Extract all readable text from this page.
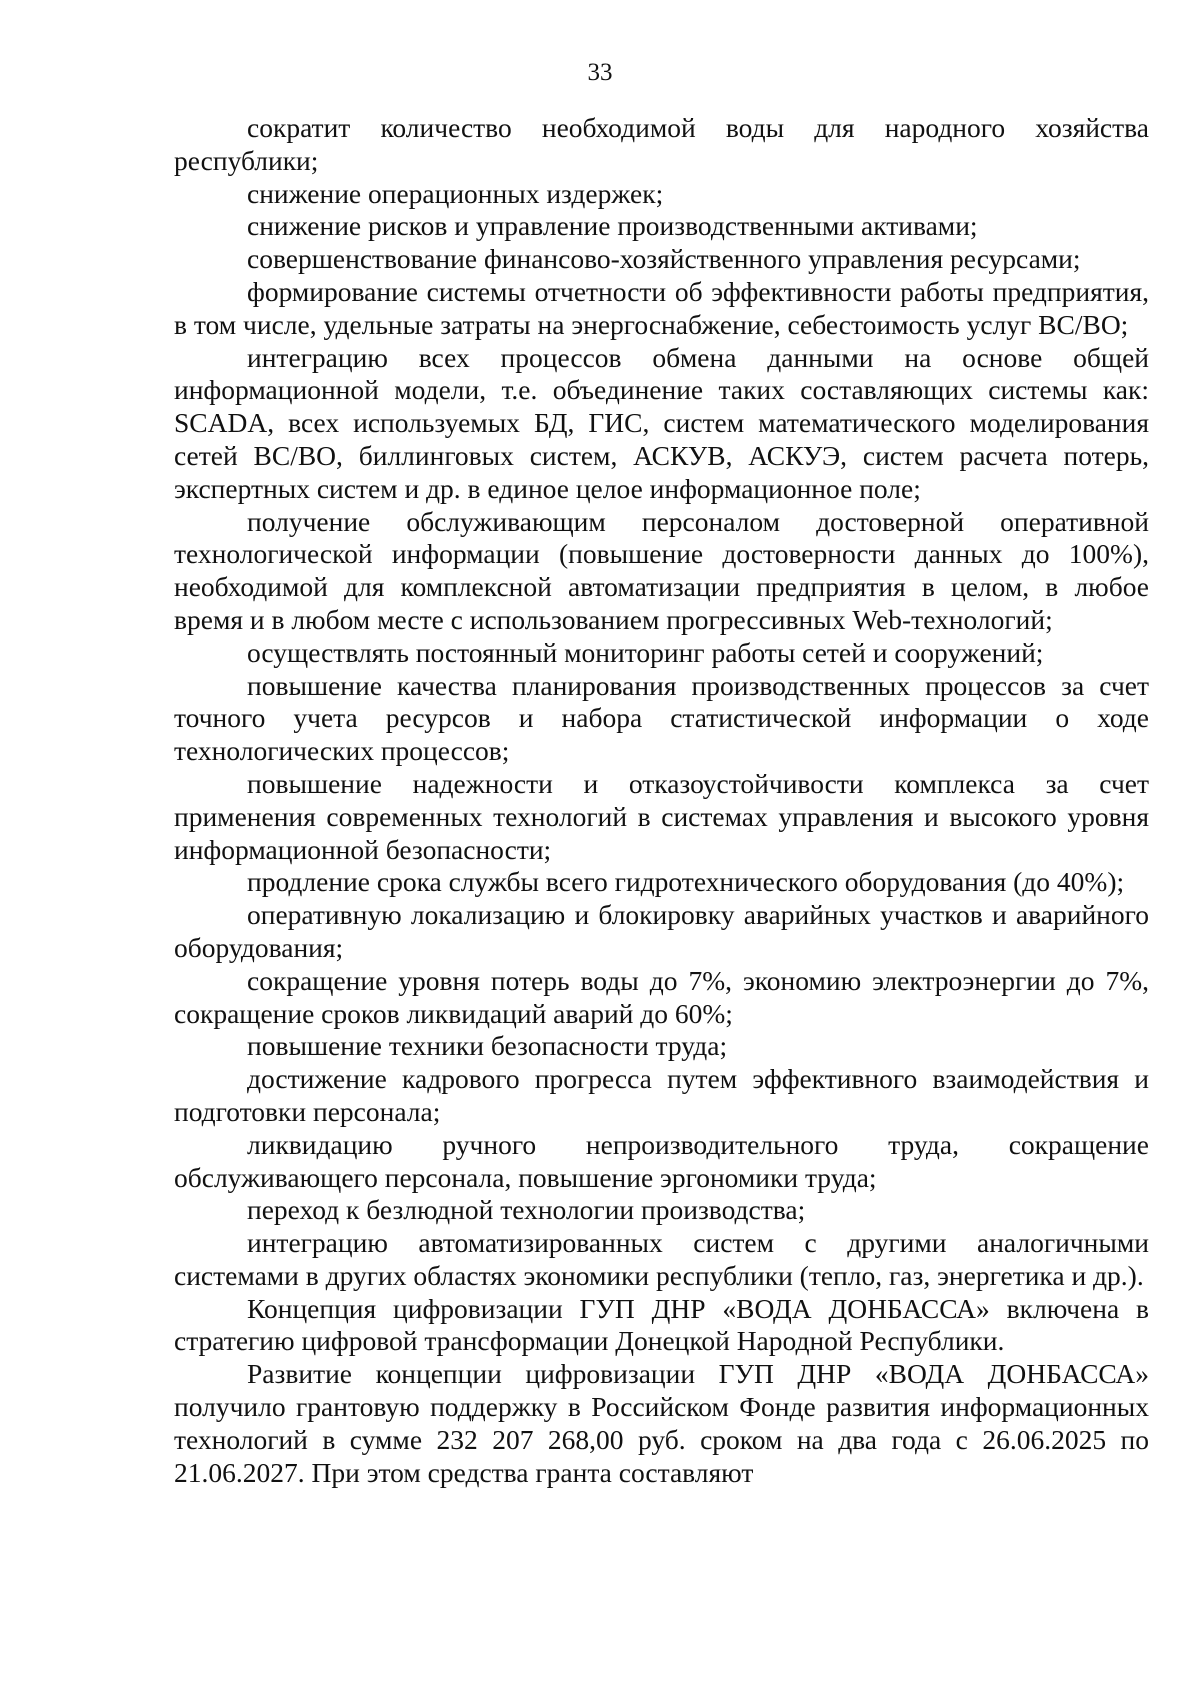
33

сократит количество необходимой воды для народного хозяйства республики;

снижение операционных издержек;

снижение рисков и управление производственными активами;

совершенствование финансово-хозяйственного управления ресурсами;

формирование системы отчетности об эффективности работы предприятия, в том числе, удельные затраты на энергоснабжение, себестоимость услуг ВС/ВО;

интеграцию всех процессов обмена данными на основе общей информационной модели, т.е. объединение таких составляющих системы как: SCADA, всех используемых БД, ГИС, систем математического моделирования сетей ВС/ВО, биллинговых систем, АСКУВ, АСКУЭ, систем расчета потерь, экспертных систем и др. в единое целое информационное поле;

получение обслуживающим персоналом достоверной оперативной технологической информации (повышение достоверности данных до 100%), необходимой для комплексной автоматизации предприятия в целом, в любое время и в любом месте с использованием прогрессивных Web-технологий;

осуществлять постоянный мониторинг работы сетей и сооружений;

повышение качества планирования производственных процессов за счет точного учета ресурсов и набора статистической информации о ходе технологических процессов;

повышение надежности и отказоустойчивости комплекса за счет применения современных технологий в системах управления и высокого уровня информационной безопасности;

продление срока службы всего гидротехнического оборудования (до 40%);

оперативную локализацию и блокировку аварийных участков и аварийного оборудования;

сокращение уровня потерь воды до 7%, экономию электроэнергии до 7%, сокращение сроков ликвидаций аварий до 60%;

повышение техники безопасности труда;

достижение кадрового прогресса путем эффективного взаимодействия и подготовки персонала;

ликвидацию ручного непроизводительного труда, сокращение обслуживающего персонала, повышение эргономики труда;

переход к безлюдной технологии производства;

интеграцию автоматизированных систем с другими аналогичными системами в других областях экономики республики (тепло, газ, энергетика и др.).

Концепция цифровизации ГУП ДНР «ВОДА ДОНБАССА» включена в стратегию цифровой трансформации Донецкой Народной Республики.

Развитие концепции цифровизации ГУП ДНР «ВОДА ДОНБАССА» получило грантовую поддержку в Российском Фонде развития информационных технологий в сумме 232 207 268,00 руб. сроком на два года с 26.06.2025 по 21.06.2027. При этом средства гранта составляют
